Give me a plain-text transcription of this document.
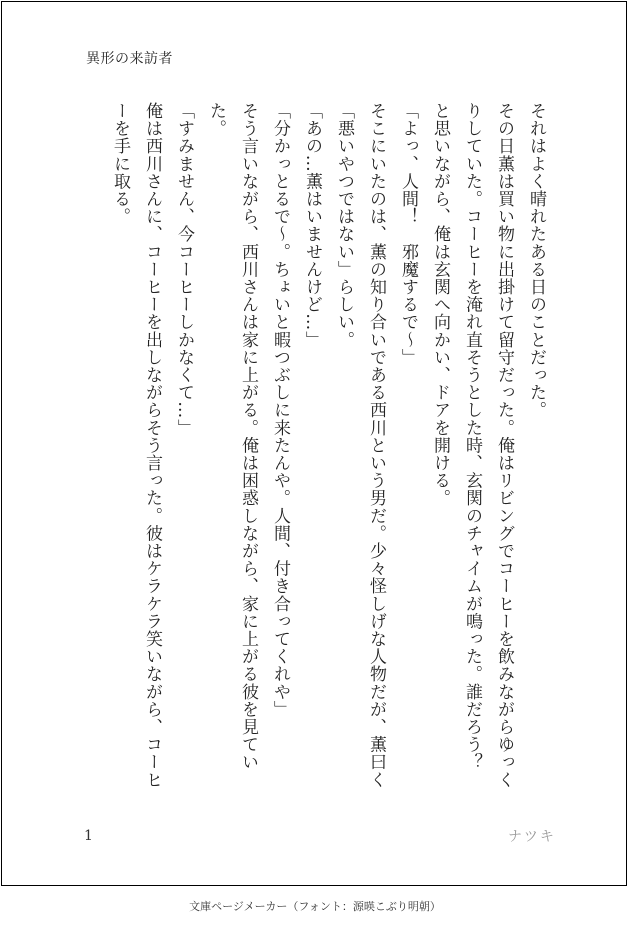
異形の来訪者

それはよく晴れたある日のことだった。

その日薫は買い物に出掛けて留守だった。俺はリビングでコーヒーを飲みながらゆっくりしていた。コーヒーを淹れ直そうとした時、玄関のチャイムが鳴った。誰だろう？　と思いながら、俺は玄関へ向かい、ドアを開ける。

「よっ、人間！　邪魔するで〜」

そこにいたのは、薫の知り合いである西川という男だ。少々怪しげな人物だが、薫曰く「悪いやつではない」らしい。

「あの…薫はいませんけど…」

「分かっとるで〜。ちょいと暇つぶしに来たんや。人間、付き合ってくれや」

そう言いながら、西川さんは家に上がる。俺は困惑しながら、家に上がる彼を見ていた。

「すみません、今コーヒーしかなくて…」

俺は西川さんに、コーヒーを出しながらそう言った。彼はケラケラ笑いながら、コーヒーを手に取る。

1	ナツキ
文庫ページメーカー（フォント：源暎こぶり明朝）
